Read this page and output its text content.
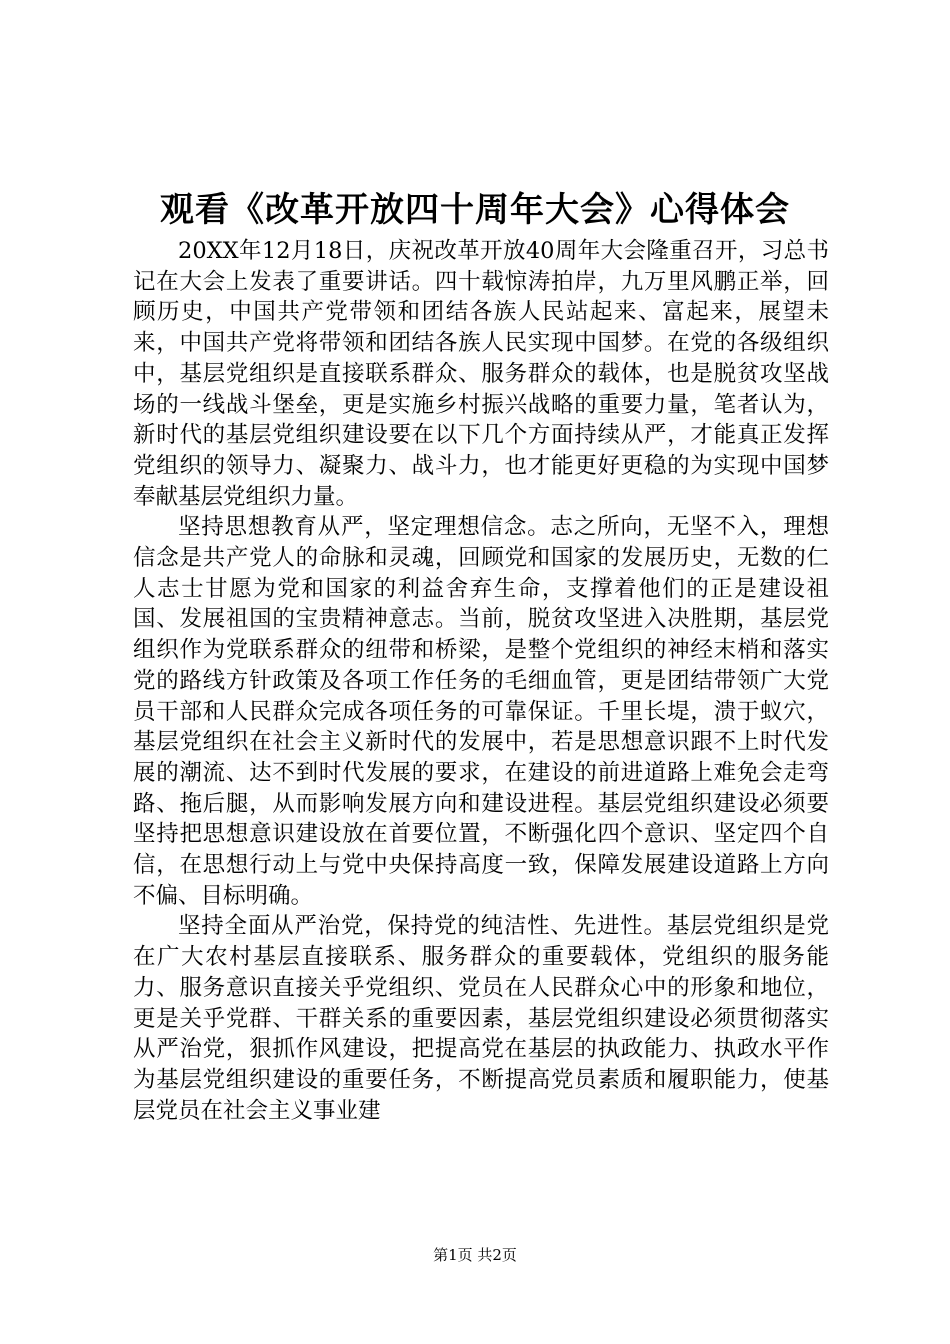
观看《改革开放四十周年大会》心得体会

20XX年12月18日，庆祝改革开放40周年大会隆重召开，习总书记在大会上发表了重要讲话。四十载惊涛拍岸，九万里风鹏正举，回顾历史，中国共产党带领和团结各族人民站起来、富起来，展望未来，中国共产党将带领和团结各族人民实现中国梦。在党的各级组织中，基层党组织是直接联系群众、服务群众的载体，也是脱贫攻坚战场的一线战斗堡垒，更是实施乡村振兴战略的重要力量，笔者认为，新时代的基层党组织建设要在以下几个方面持续从严，才能真正发挥党组织的领导力、凝聚力、战斗力，也才能更好更稳的为实现中国梦奉献基层党组织力量。

坚持思想教育从严，坚定理想信念。志之所向，无坚不入，理想信念是共产党人的命脉和灵魂，回顾党和国家的发展历史，无数的仁人志士甘愿为党和国家的利益舍弃生命，支撑着他们的正是建设祖国、发展祖国的宝贵精神意志。当前，脱贫攻坚进入决胜期，基层党组织作为党联系群众的纽带和桥梁，是整个党组织的神经末梢和落实党的路线方针政策及各项工作任务的毛细血管，更是团结带领广大党员干部和人民群众完成各项任务的可靠保证。千里长堤，溃于蚁穴，基层党组织在社会主义新时代的发展中，若是思想意识跟不上时代发展的潮流、达不到时代发展的要求，在建设的前进道路上难免会走弯路、拖后腿，从而影响发展方向和建设进程。基层党组织建设必须要坚持把思想意识建设放在首要位置，不断强化四个意识、坚定四个自信，在思想行动上与党中央保持高度一致，保障发展建设道路上方向不偏、目标明确。

坚持全面从严治党，保持党的纯洁性、先进性。基层党组织是党在广大农村基层直接联系、服务群众的重要载体，党组织的服务能力、服务意识直接关乎党组织、党员在人民群众心中的形象和地位，更是关乎党群、干群关系的重要因素，基层党组织建设必须贯彻落实从严治党，狠抓作风建设，把提高党在基层的执政能力、执政水平作为基层党组织建设的重要任务，不断提高党员素质和履职能力，使基层党员在社会主义事业建

第1页 共2页
